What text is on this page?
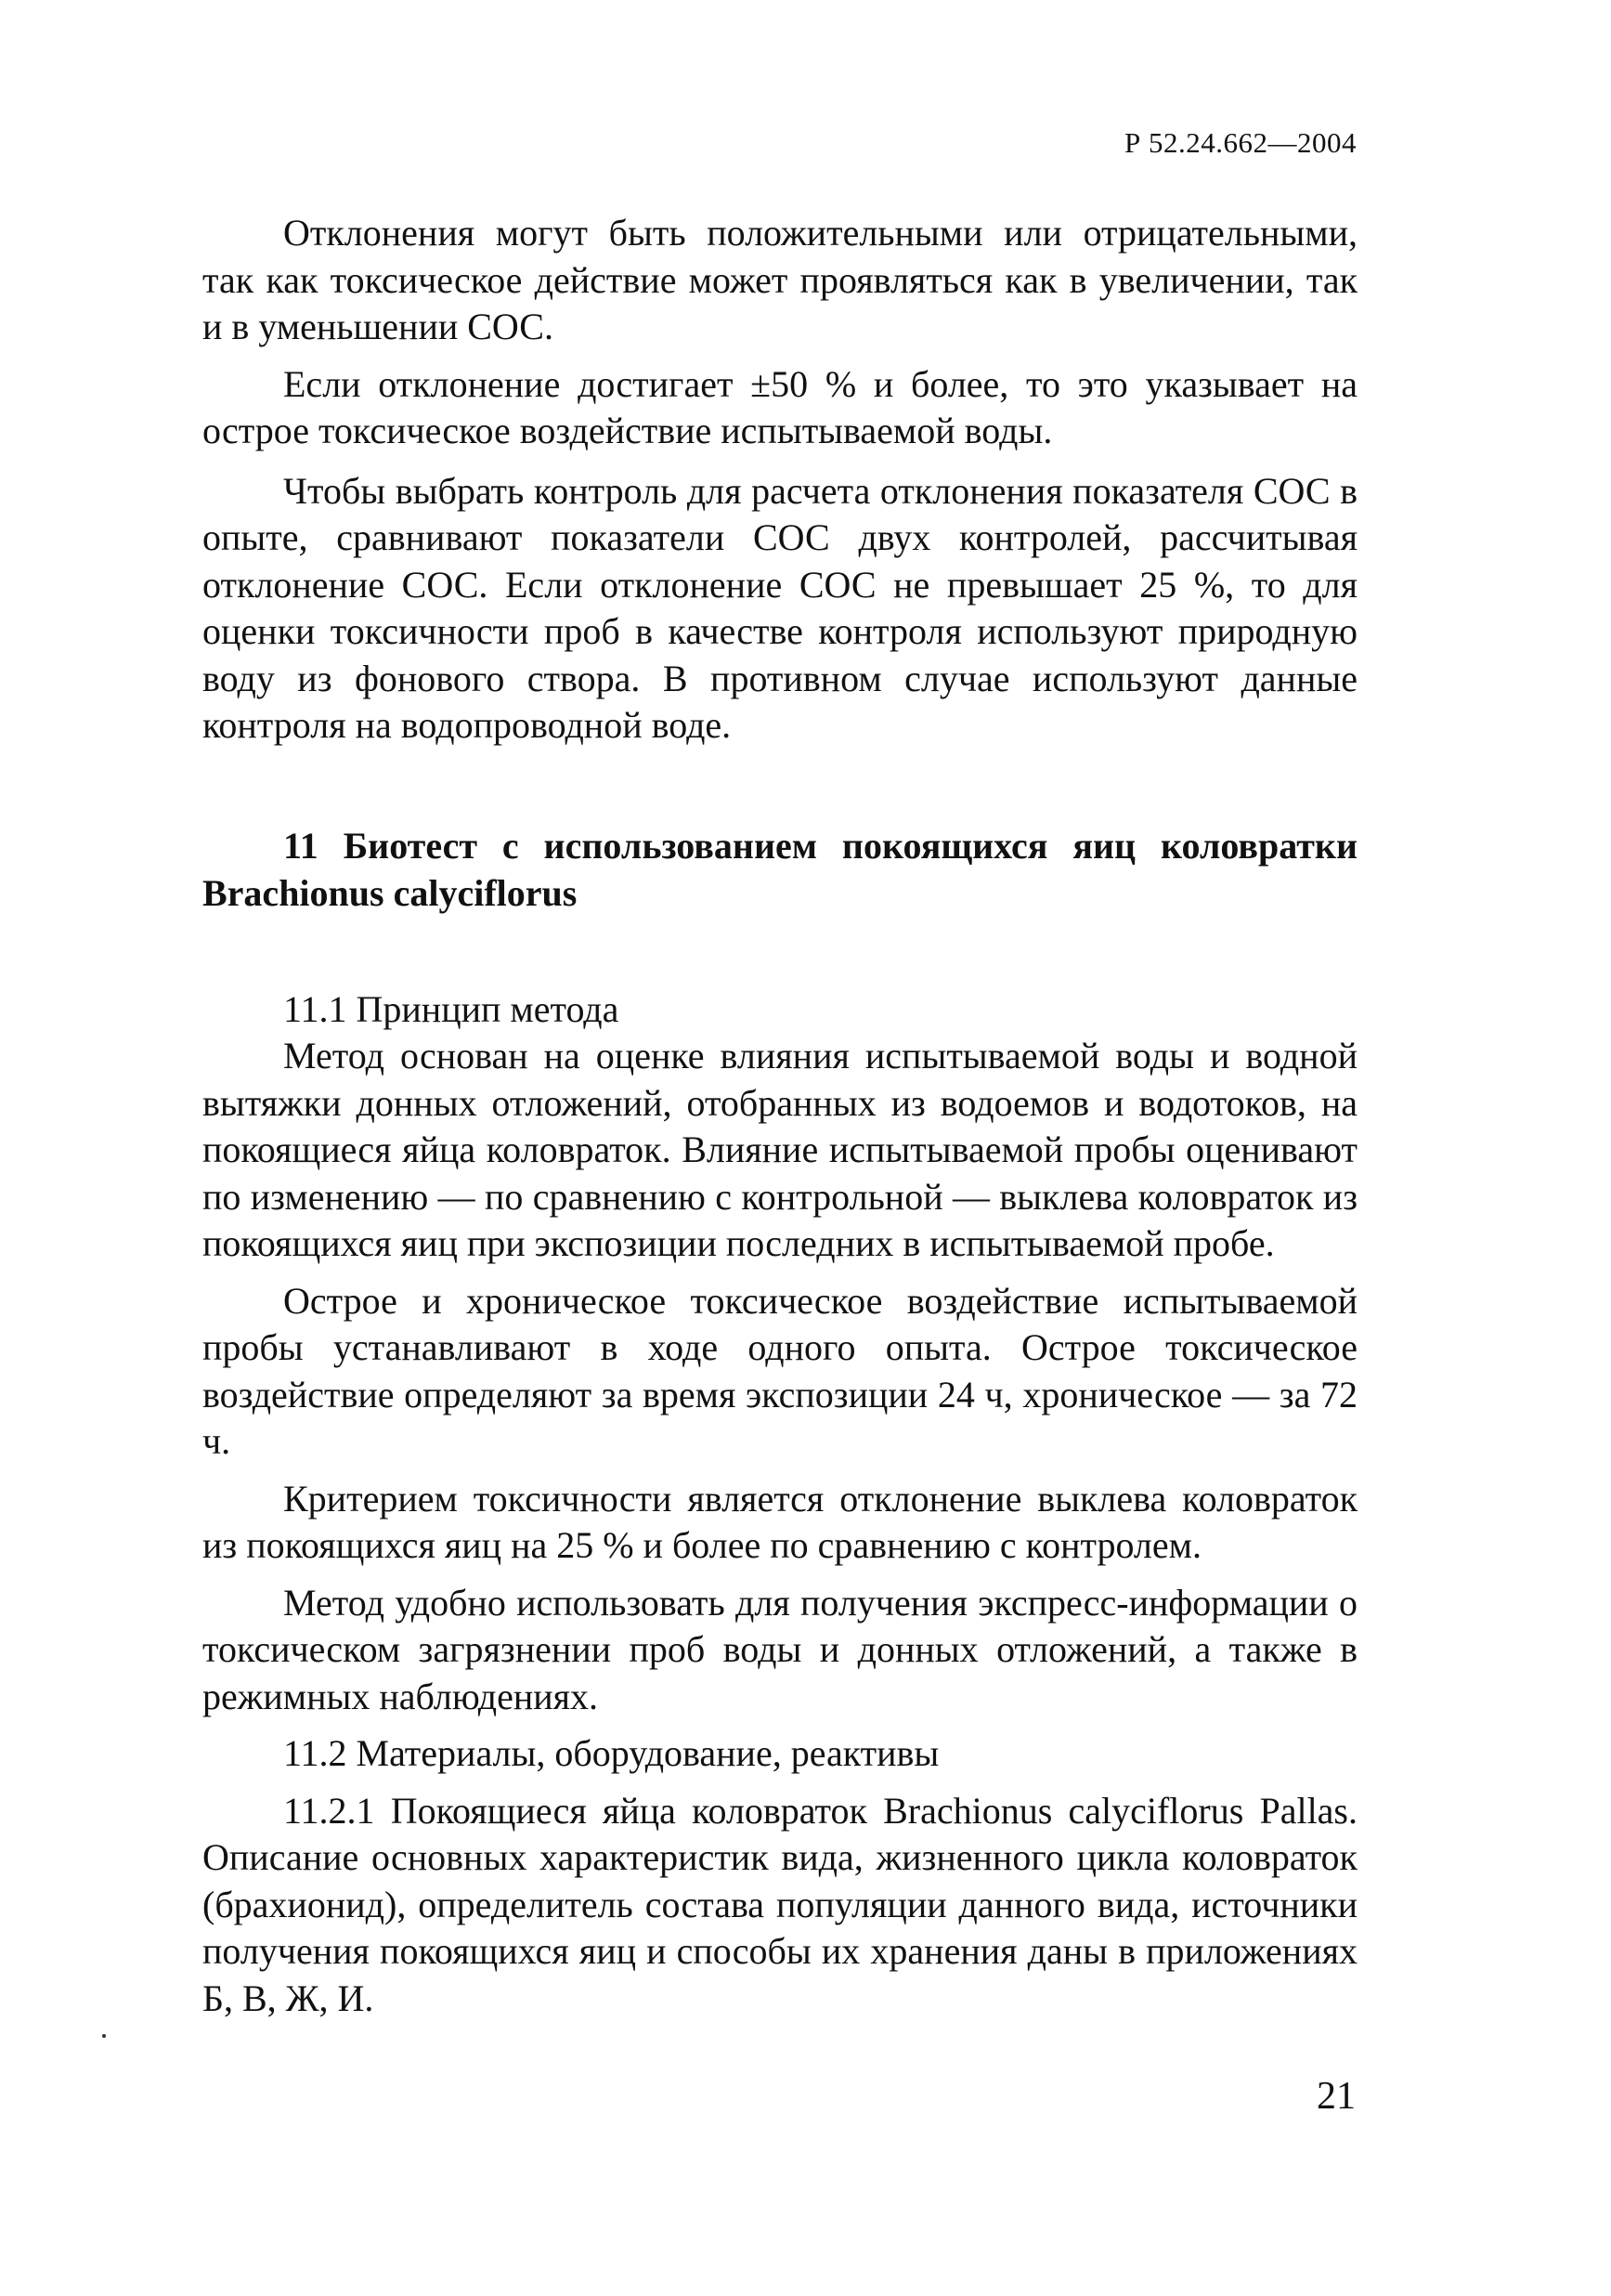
Р 52.24.662—2004

Отклонения могут быть положительными или отрицательными, так как токсическое действие может проявляться как в увеличении, так и в уменьшении СОС.

Если отклонение достигает ±50 % и более, то это указывает на острое токсическое воздействие испытываемой воды.

Чтобы выбрать контроль для расчета отклонения показателя СОС в опыте, сравнивают показатели СОС двух контролей, рассчитывая отклонение СОС. Если отклонение СОС не превышает 25 %, то для оценки токсичности проб в качестве контроля используют природную воду из фонового створа. В противном случае используют данные контроля на водопроводной воде.

11 Биотест с использованием покоящихся яиц коловратки Brachionus calyciflorus

11.1 Принцип метода

Метод основан на оценке влияния испытываемой воды и водной вытяжки донных отложений, отобранных из водоемов и водотоков, на покоящиеся яйца коловраток. Влияние испытываемой пробы оценивают по изменению — по сравнению с контрольной — выклева коловраток из покоящихся яиц при экспозиции последних в испытываемой пробе.

Острое и хроническое токсическое воздействие испытываемой пробы устанавливают в ходе одного опыта. Острое токсическое воздействие определяют за время экспозиции 24 ч, хроническое — за 72 ч.

Критерием токсичности является отклонение выклева коловраток из покоящихся яиц на 25 % и более по сравнению с контролем.

Метод удобно использовать для получения экспресс-информации о токсическом загрязнении проб воды и донных отложений, а также в режимных наблюдениях.

11.2 Материалы, оборудование, реактивы

11.2.1 Покоящиеся яйца коловраток Brachionus calyciflorus Pallas. Описание основных характеристик вида, жизненного цикла коловраток (брахионид), определитель состава популяции данного вида, источники получения покоящихся яиц и способы их хранения даны в приложениях Б, В, Ж, И.

21
